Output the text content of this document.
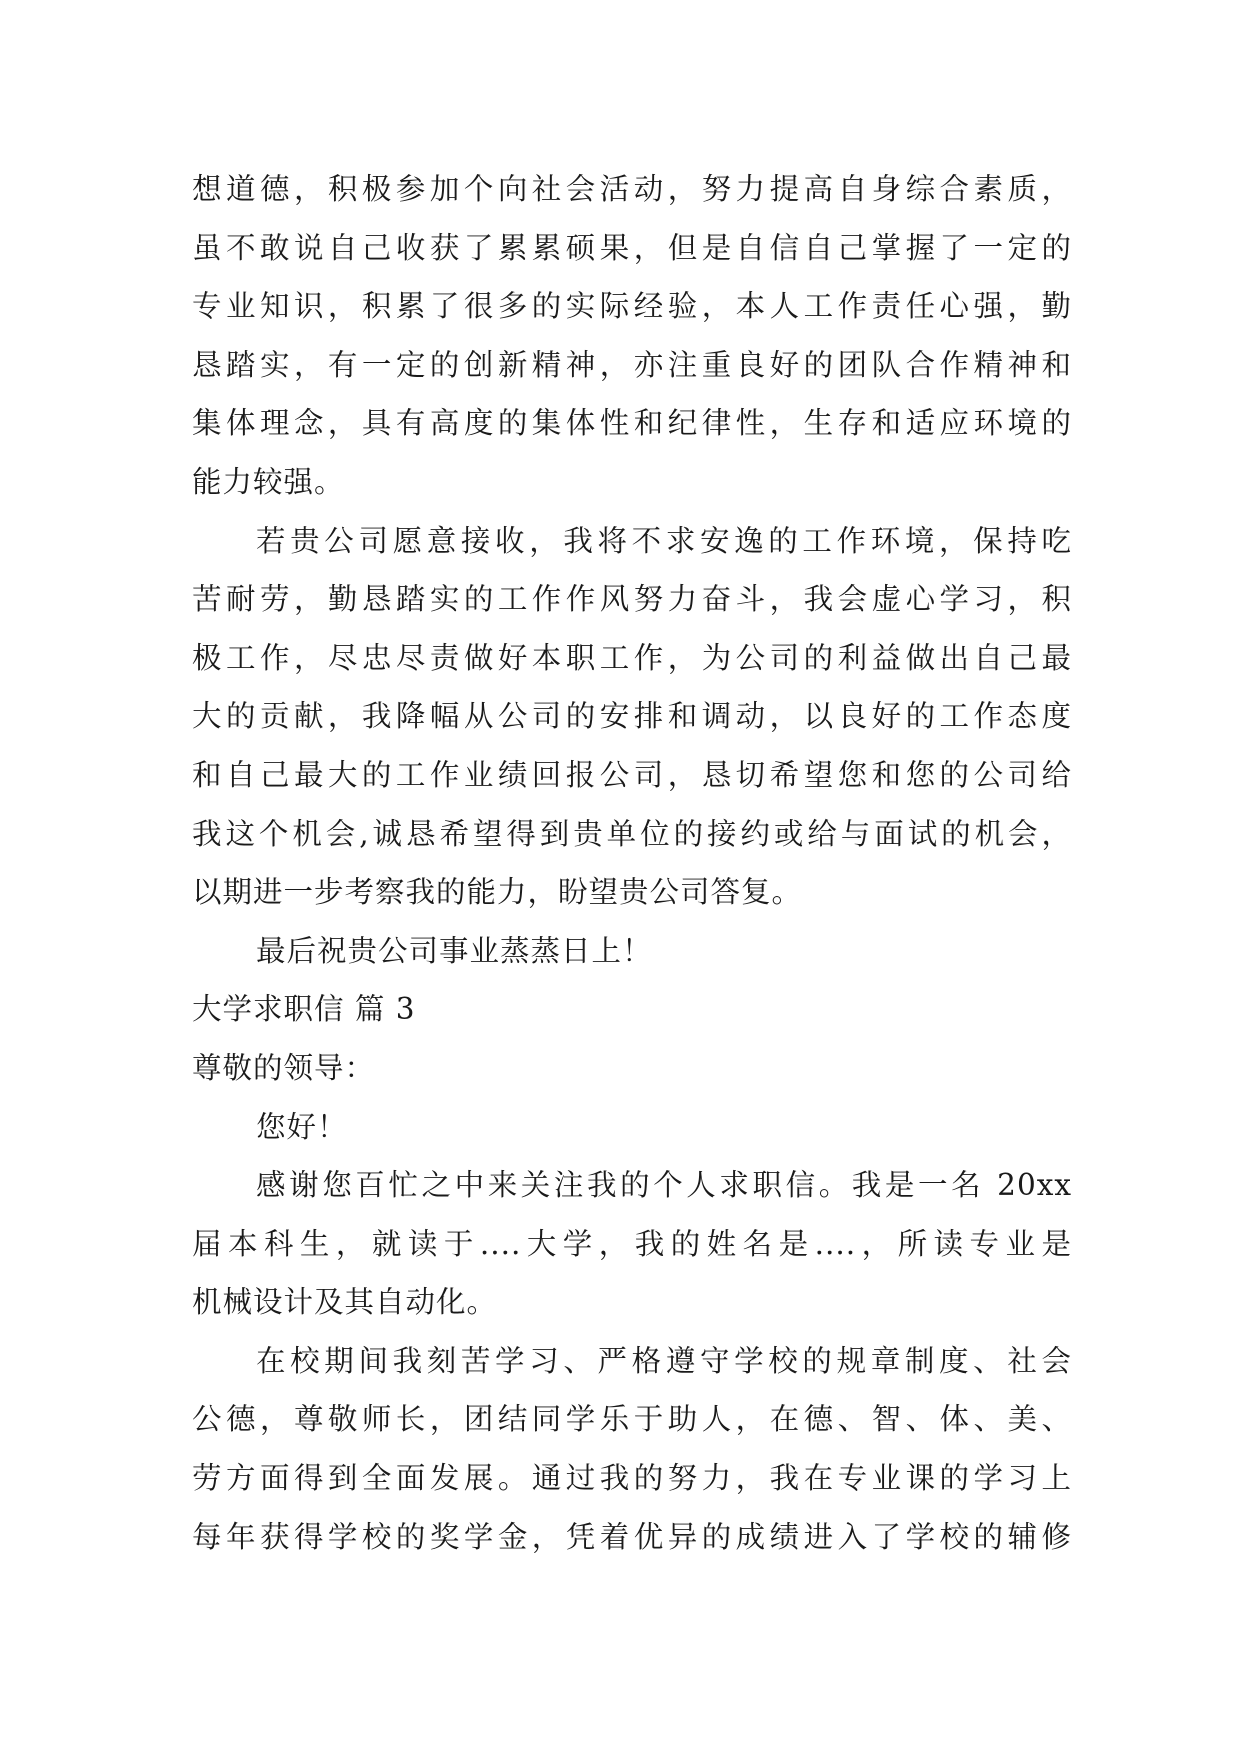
想道德，积极参加个向社会活动，努力提高自身综合素质，
虽不敢说自己收获了累累硕果，但是自信自己掌握了一定的
专业知识，积累了很多的实际经验，本人工作责任心强，勤
恳踏实，有一定的创新精神，亦注重良好的团队合作精神和
集体理念，具有高度的集体性和纪律性，生存和适应环境的
能力较强。
若贵公司愿意接收，我将不求安逸的工作环境，保持吃
苦耐劳，勤恳踏实的工作作风努力奋斗，我会虚心学习，积
极工作，尽忠尽责做好本职工作，为公司的利益做出自己最
大的贡献，我降幅从公司的安排和调动，以良好的工作态度
和自己最大的工作业绩回报公司，恳切希望您和您的公司给
我这个机会,诚恳希望得到贵单位的接约或给与面试的机会，
以期进一步考察我的能力，盼望贵公司答复。
最后祝贵公司事业蒸蒸日上！
大学求职信 篇 3
尊敬的领导：
您好！
感谢您百忙之中来关注我的个人求职信。我是一名 20xx
届本科生，就读于....大学，我的姓名是....，所读专业是
机械设计及其自动化。
在校期间我刻苦学习、严格遵守学校的规章制度、社会
公德，尊敬师长，团结同学乐于助人，在德、智、体、美、
劳方面得到全面发展。通过我的努力，我在专业课的学习上
每年获得学校的奖学金，凭着优异的成绩进入了学校的辅修
